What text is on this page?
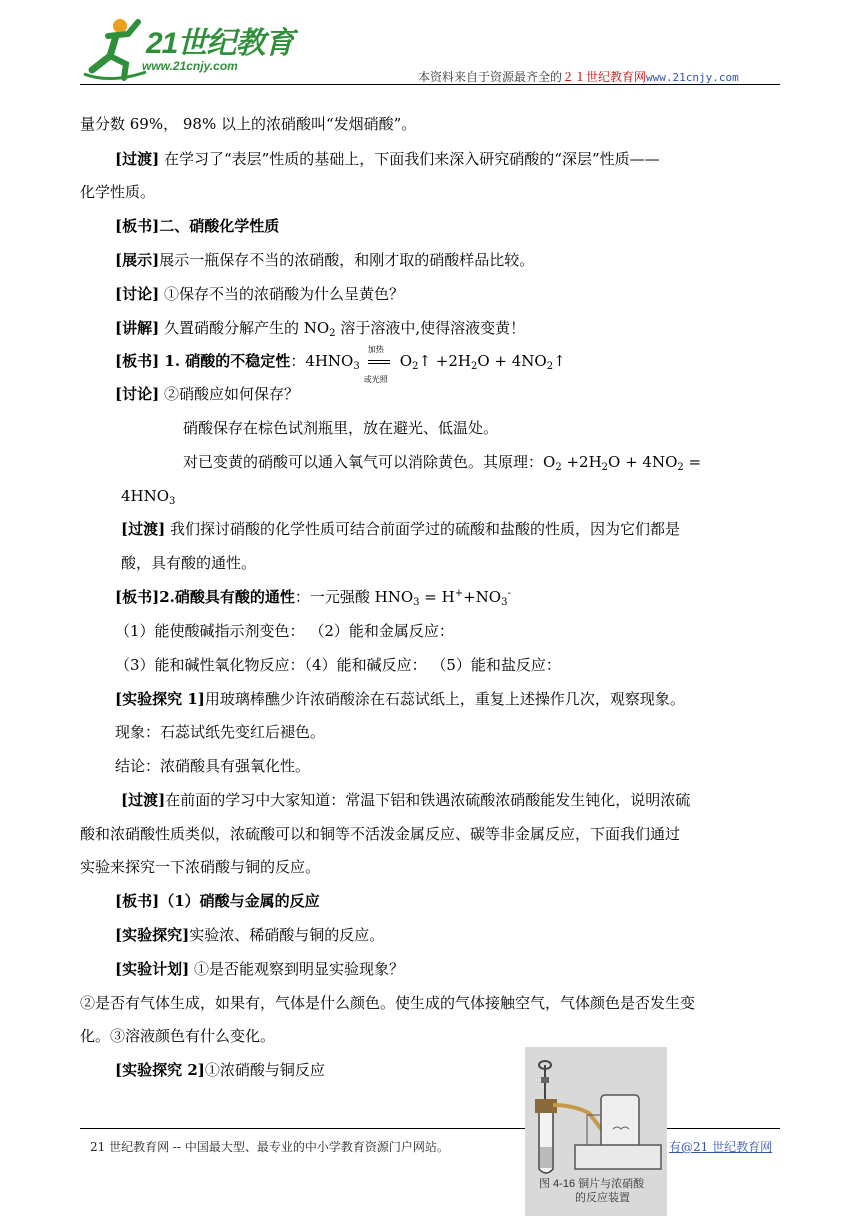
21世纪教育
www.21cnjy.com
本资料来自于资源最齐全的２１世纪教育网www.21cnjy.com
量分数 69%， 98% 以上的浓硝酸叫“发烟硝酸”。
[过渡] 在学习了“表层”性质的基础上，下面我们来深入研究硝酸的“深层”性质——
化学性质。
[板书]二、硝酸化学性质
[展示]展示一瓶保存不当的浓硝酸，和刚才取的硝酸样品比较。
[讨论] ①保存不当的浓硝酸为什么呈黄色？
[讲解] 久置硝酸分解产生的 $NO_2$ 溶于溶液中,使得溶液变黄！
[板书] 1. 硝酸的不稳定性：$4HNO_3$
加热
或光照
$O_2↑ +2H_2O$ + $4NO_2↑$
[讨论] ②硝酸应如何保存？
硝酸保存在棕色试剂瓶里，放在避光、低温处。
对已变黄的硝酸可以通入氧气可以消除黄色。其原理：$O_2 +2H_2O + 4NO_2$ =
$4HNO_3$
[过渡] 我们探讨硝酸的化学性质可结合前面学过的硫酸和盐酸的性质，因为它们都是
酸，具有酸的通性。
[板书]2.硝酸具有酸的通性：一元强酸 $HNO_3 = H^++NO_3^-$
（1）能使酸碱指示剂变色： （2）能和金属反应：
（3）能和碱性氧化物反应：（4）能和碱反应： （5）能和盐反应：
[实验探究 1]用玻璃棒醮少许浓硝酸涂在石蕊试纸上，重复上述操作几次，观察现象。
现象：石蕊试纸先变红后褪色。
结论：浓硝酸具有强氧化性。
[过渡]在前面的学习中大家知道：常温下铝和铁遇浓硫酸浓硝酸能发生钝化，说明浓硫
酸和浓硝酸性质类似，浓硫酸可以和铜等不活泼金属反应、碳等非金属反应，下面我们通过
实验来探究一下浓硝酸与铜的反应。
[板书]（1）硝酸与金属的反应
[实验探究]实验浓、稀硝酸与铜的反应。
[实验计划] ①是否能观察到明显实验现象？
②是否有气体生成，如果有，气体是什么颜色。使生成的气体接触空气，气体颜色是否发生变
化。③溶液颜色有什么变化。
[实验探究 2]①浓硝酸与铜反应
21 世纪教育网 -- 中国最大型、最专业的中小学教育资源门户网站。	有@21 世纪教育网
图 4-16 铜片与浓硝酸
的反应装置
